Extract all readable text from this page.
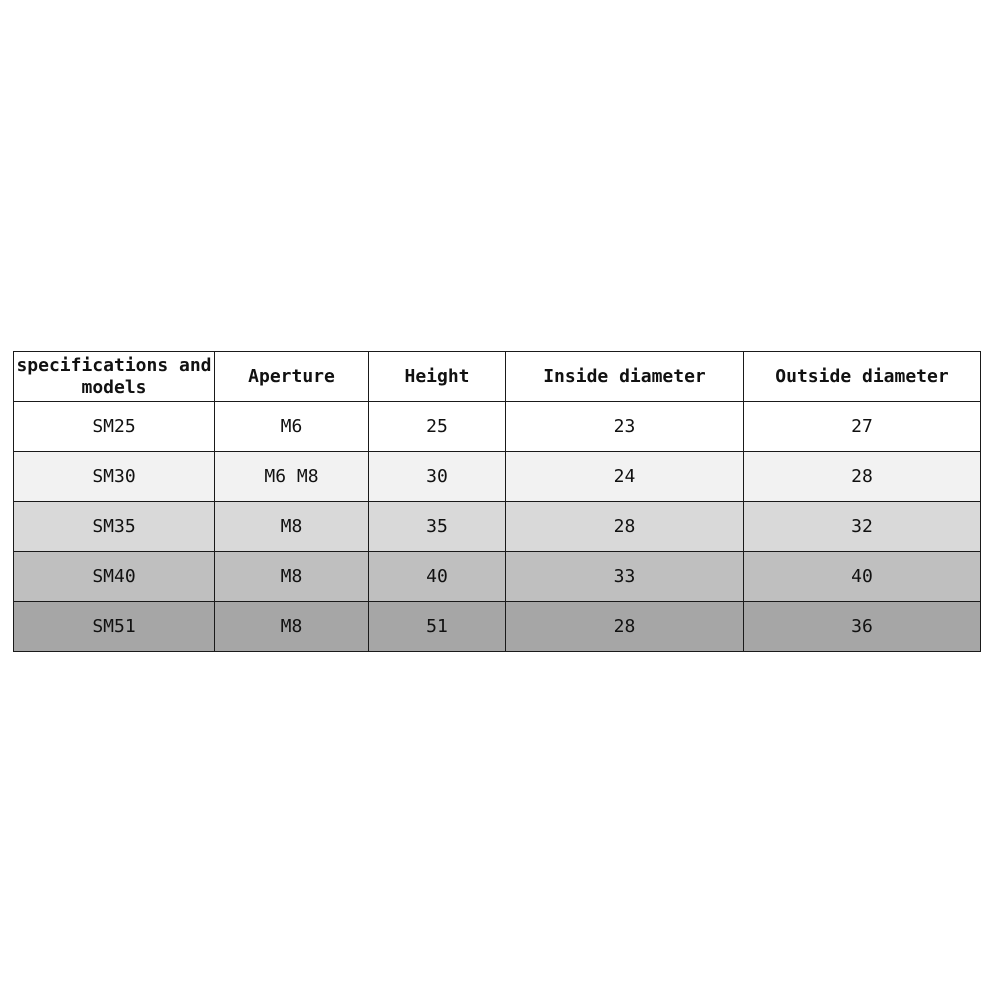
specifications and models	Aperture	Height	Inside diameter	Outside diameter
SM25	M6	25	23	27
SM30	M6 M8	30	24	28
SM35	M8	35	28	32
SM40	M8	40	33	40
SM51	M8	51	28	36
